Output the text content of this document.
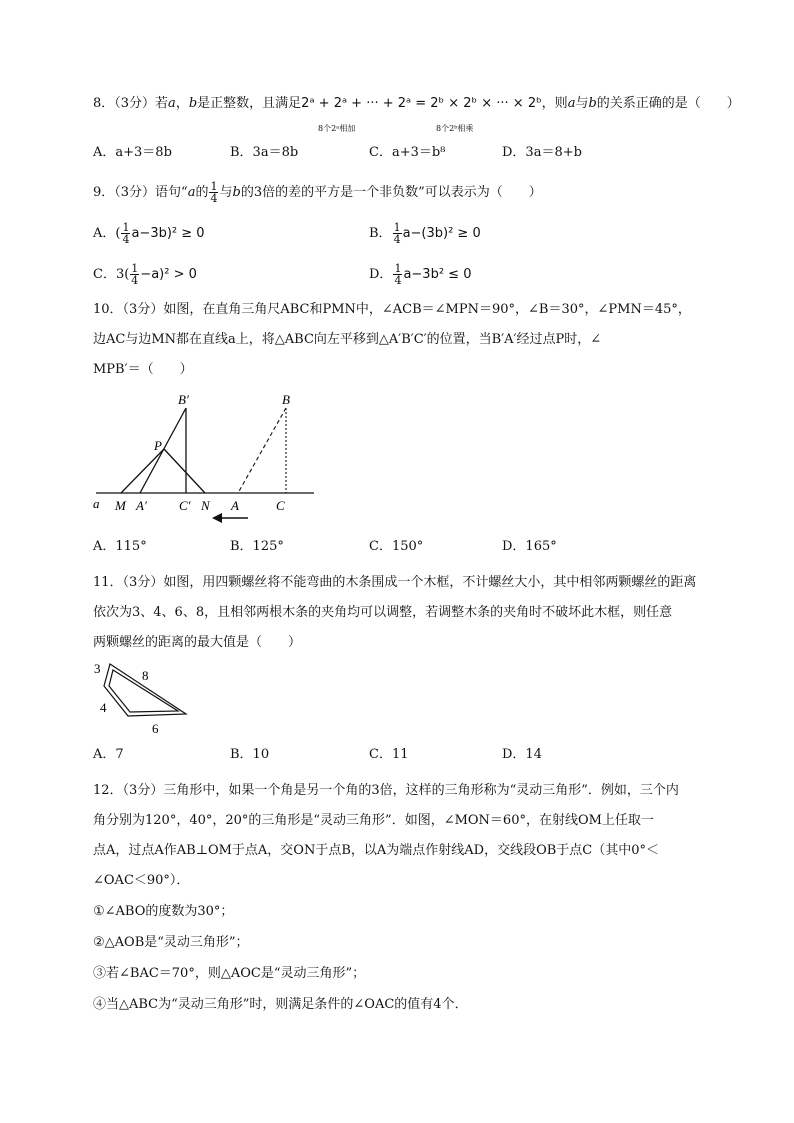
8．（3分）若a，b是正整数，且满足2ᵃ + 2ᵃ + ··· + 2ᵃ = 2ᵇ × 2ᵇ × ··· × 2ᵇ，则a与b的关系正确的是（　　）
8个2ᵃ相加	8个2ᵇ相乘
A．a+3＝8b	B．3a＝8b	C．a+3＝b⁸	D．3a＝8+b
9．（3分）语句“a的 $\frac{1}{4}$ 与b的3倍的差的平方是一个非负数”可以表示为（　　）
A．( $\frac{1}{4} a-3b)^2 \ge 0$	B． $\frac{1}{4} a-(3b)^2 \ge 0$
C．$3( \frac{1}{4} -a)^2 > 0$	D． $\frac{1}{4} a-3b^2 \le 0$
10．（3分）如图，在直角三角尺ABC和PMN中，∠ACB＝∠MPN＝90°，∠B＝30°，∠PMN＝45°，
边AC与边MN都在直线a上，将△ABC向左平移到△A′B′C′的位置，当B′A′经过点P时，∠
MPB′＝（　　）
B′	B
P
a M A′ C′ N A	C
A．115°	B．125°	C．150°	D．165°
11．（3分）如图，用四颗螺丝将不能弯曲的木条围成一个木框，不计螺丝大小，其中相邻两颗螺丝的距离
依次为3、4、6、8，且相邻两根木条的夹角均可以调整，若调整木条的夹角时不破坏此木框，则任意
两颗螺丝的距离的最大值是（　　）
3	8
4
6
A．7	B．10	C．11	D．14
12．（3分）三角形中，如果一个角是另一个角的3倍，这样的三角形称为“灵动三角形”．例如，三个内
角分别为120°，40°，20°的三角形是“灵动三角形”．如图，∠MON＝60°，在射线OM上任取一
点A，过点A作AB⊥OM于点A，交ON于点B，以A为端点作射线AD，交线段OB于点C（其中0°＜
∠OAC＜90°）．
①∠ABO的度数为30°；
②△AOB是“灵动三角形”；
③若∠BAC＝70°，则△AOC是“灵动三角形”；
④当△ABC为“灵动三角形”时，则满足条件的∠OAC的值有4个．
